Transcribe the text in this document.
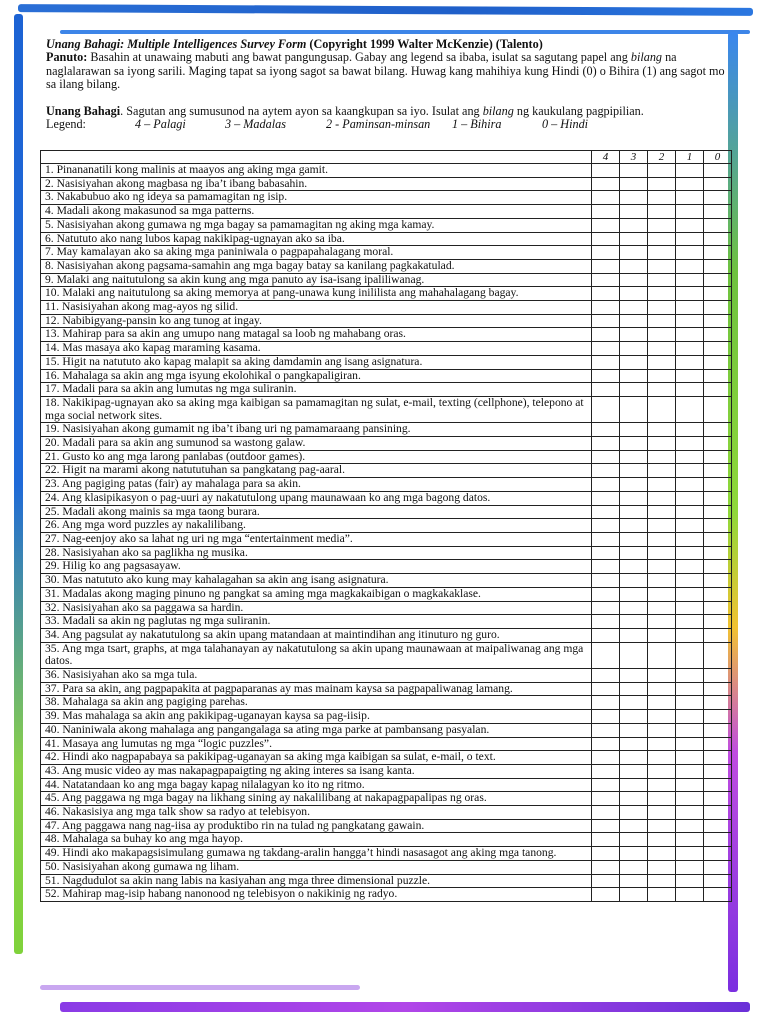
Unang Bahagi: Multiple Intelligences Survey Form (Copyright 1999 Walter McKenzie) (Talento)

Panuto: Basahin at unawaing mabuti ang bawat pangungusap. Gabay ang legend sa ibaba, isulat sa sagutang papel ang bilang na naglalarawan sa iyong sarili. Maging tapat sa iyong sagot sa bawat bilang. Huwag kang mahihiya kung Hindi (0) o Bihira (1) ang sagot mo sa ilang bilang.

Unang Bahagi. Sagutan ang sumusunod na aytem ayon sa kaangkupan sa iyo. Isulat ang bilang ng kaukulang pagpipilian.

Legend:	4 – Palagi	3 – Madalas	2 - Paminsan-minsan	1 – Bihira	0 – Hindi
	4	3	2	1	0
1. Pinananatili kong malinis at maayos ang aking mga gamit.					
2. Nasisiyahan akong magbasa ng iba’t ibang babasahin.					
3. Nakabubuo ako ng ideya sa pamamagitan ng isip.					
4. Madali akong makasunod sa mga patterns.					
5. Nasisiyahan akong gumawa ng mga bagay sa pamamagitan ng aking mga kamay.					
6. Natututo ako nang lubos kapag nakikipag-ugnayan ako sa iba.					
7. May kamalayan ako sa aking mga paniniwala o pagpapahalagang moral.					
8. Nasisiyahan akong pagsama-samahin ang mga bagay batay sa kanilang pagkakatulad.					
9. Malaki ang naitutulong sa akin kung ang mga panuto ay isa-isang ipaliliwanag.					
10. Malaki ang naitutulong sa aking memorya at pang-unawa kung inililista ang mahahalagang bagay.					
11. Nasisiyahan akong mag-ayos ng silid.					
12. Nabibigyang-pansin ko ang tunog at ingay.					
13. Mahirap para sa akin ang umupo nang matagal sa loob ng mahabang oras.					
14. Mas masaya ako kapag maraming kasama.					
15. Higit na natututo ako kapag malapit sa aking damdamin ang isang asignatura.					
16. Mahalaga sa akin ang mga isyung ekolohikal o pangkapaligiran.					
17. Madali para sa akin ang lumutas ng mga suliranin.					
18. Nakikipag-ugnayan ako sa aking mga kaibigan sa pamamagitan ng sulat, e-mail, texting (cellphone), telepono at mga social network sites.					
19. Nasisiyahan akong gumamit ng iba’t ibang uri ng pamamaraang pansining.					
20. Madali para sa akin ang sumunod sa wastong galaw.					
21. Gusto ko ang mga larong panlabas (outdoor games).					
22. Higit na marami akong natututuhan sa pangkatang pag-aaral.					
23. Ang pagiging patas (fair) ay mahalaga para sa akin.					
24. Ang klasipikasyon o pag-uuri ay nakatutulong upang maunawaan ko ang mga bagong datos.					
25. Madali akong mainis sa mga taong burara.					
26. Ang mga word puzzles ay nakalilibang.					
27. Nag-eenjoy ako sa lahat ng uri ng mga “entertainment media”.					
28. Nasisiyahan ako sa paglikha ng musika.					
29. Hilig ko ang pagsasayaw.					
30. Mas natututo ako kung may kahalagahan sa akin ang isang asignatura.					
31. Madalas akong maging pinuno ng pangkat sa aming mga magkakaibigan o magkakaklase.					
32. Nasisiyahan ako sa paggawa sa hardin.					
33. Madali sa akin ng paglutas ng mga suliranin.					
34. Ang pagsulat ay nakatutulong sa akin upang matandaan at maintindihan ang itinuturo ng guro.					
35. Ang mga tsart, graphs, at mga talahanayan ay nakatutulong sa akin upang maunawaan at maipaliwanag ang mga datos.					
36. Nasisiyahan ako sa mga tula.					
37. Para sa akin, ang pagpapakita at pagpaparanas ay mas mainam kaysa sa pagpapaliwanag lamang.					
38. Mahalaga sa akin ang pagiging parehas.					
39. Mas mahalaga sa akin ang pakikipag-uganayan kaysa sa pag-iisip.					
40. Naniniwala akong mahalaga ang pangangalaga sa ating mga parke at pambansang pasyalan.					
41. Masaya ang lumutas ng mga “logic puzzles”.					
42. Hindi ako nagpapabaya sa pakikipag-uganayan sa aking mga kaibigan sa sulat, e-mail, o text.					
43. Ang music video ay mas nakapagpapaigting ng aking interes sa isang kanta.					
44. Natatandaan ko ang mga bagay kapag nilalagyan ko ito ng ritmo.					
45. Ang paggawa ng mga bagay na likhang sining ay nakalilibang at nakapagpapalipas ng oras.					
46. Nakasisiya ang mga talk show sa radyo at telebisyon.					
47. Ang paggawa nang nag-iisa ay produktibo rin na tulad ng pangkatang gawain.					
48. Mahalaga sa buhay ko ang mga hayop.					
49. Hindi ako makapagsisimulang gumawa ng takdang-aralin hangga’t hindi nasasagot ang aking mga tanong.					
50. Nasisiyahan akong gumawa ng liham.					
51. Nagdudulot sa akin nang labis na kasiyahan ang mga three dimensional puzzle.					
52. Mahirap mag-isip habang nanonood ng telebisyon o nakikinig ng radyo.					
